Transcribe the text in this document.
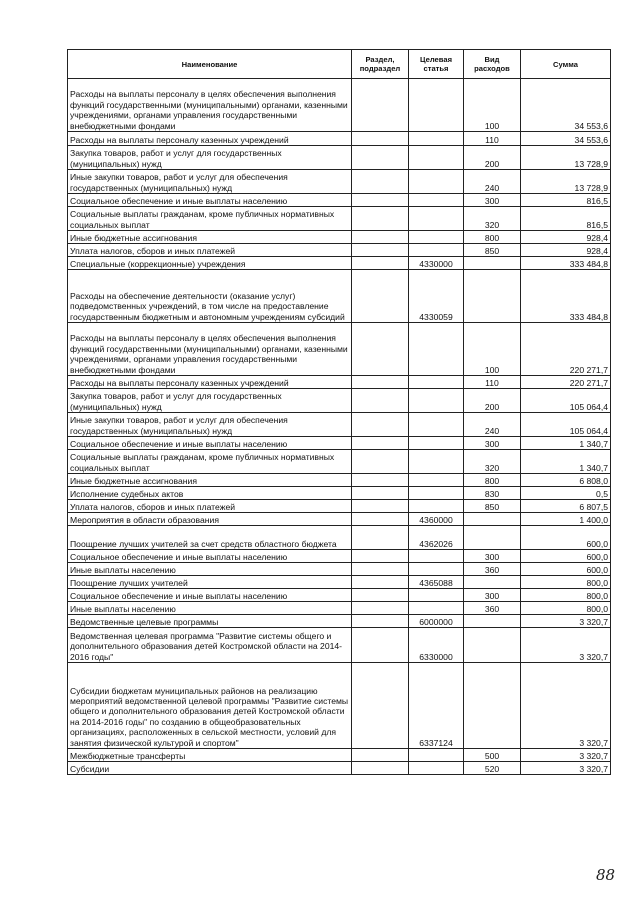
Наименование	Раздел, подраздел	Целевая статья	Вид расходов	Сумма
Расходы на выплаты персоналу в целях обеспечения выполнения функций государственными (муниципальными) органами, казенными учреждениями, органами управления государственными внебюджетными фондами			100	34 553,6
Расходы на выплаты персоналу казенных учреждений			110	34 553,6
Закупка товаров, работ и услуг для государственных (муниципальных) нужд			200	13 728,9
Иные закупки товаров, работ и услуг для обеспечения государственных (муниципальных) нужд			240	13 728,9
Социальное обеспечение и иные выплаты населению			300	816,5
Социальные выплаты гражданам, кроме публичных нормативных социальных выплат			320	816,5
Иные бюджетные ассигнования			800	928,4
Уплата налогов, сборов и иных платежей			850	928,4
Специальные (коррекционные) учреждения		4330000		333 484,8
Расходы на обеспечение деятельности (оказание услуг) подведомственных учреждений, в том числе на предоставление государственным бюджетным и автономным учреждениям субсидий		4330059		333 484,8
Расходы на выплаты персоналу в целях обеспечения выполнения функций государственными (муниципальными) органами, казенными учреждениями, органами управления государственными внебюджетными фондами			100	220 271,7
Расходы на выплаты персоналу казенных учреждений			110	220 271,7
Закупка товаров, работ и услуг для государственных (муниципальных) нужд			200	105 064,4
Иные закупки товаров, работ и услуг для обеспечения государственных (муниципальных) нужд			240	105 064,4
Социальное обеспечение и иные выплаты населению			300	1 340,7
Социальные выплаты гражданам, кроме публичных нормативных социальных выплат			320	1 340,7
Иные бюджетные ассигнования			800	6 808,0
Исполнение судебных актов			830	0,5
Уплата налогов, сборов и иных платежей			850	6 807,5
Мероприятия в области образования		4360000		1 400,0
Поощрение лучших учителей за счет средств областного бюджета		4362026		600,0
Социальное обеспечение и иные выплаты населению			300	600,0
Иные выплаты населению			360	600,0
Поощрение лучших учителей		4365088		800,0
Социальное обеспечение и иные выплаты населению			300	800,0
Иные выплаты населению			360	800,0
Ведомственные целевые программы		6000000		3 320,7
Ведомственная целевая программа "Развитие системы общего и дополнительного образования детей Костромской области на 2014-2016 годы"		6330000		3 320,7
Субсидии бюджетам муниципальных районов на реализацию мероприятий ведомственной целевой программы "Развитие системы общего и дополнительного образования детей Костромской области на 2014-2016 годы" по созданию в общеобразовательных организациях, расположенных в сельской местности, условий для занятия физической культурой и спортом"		6337124		3 320,7
Межбюджетные трансферты			500	3 320,7
Субсидии			520	3 320,7
88
